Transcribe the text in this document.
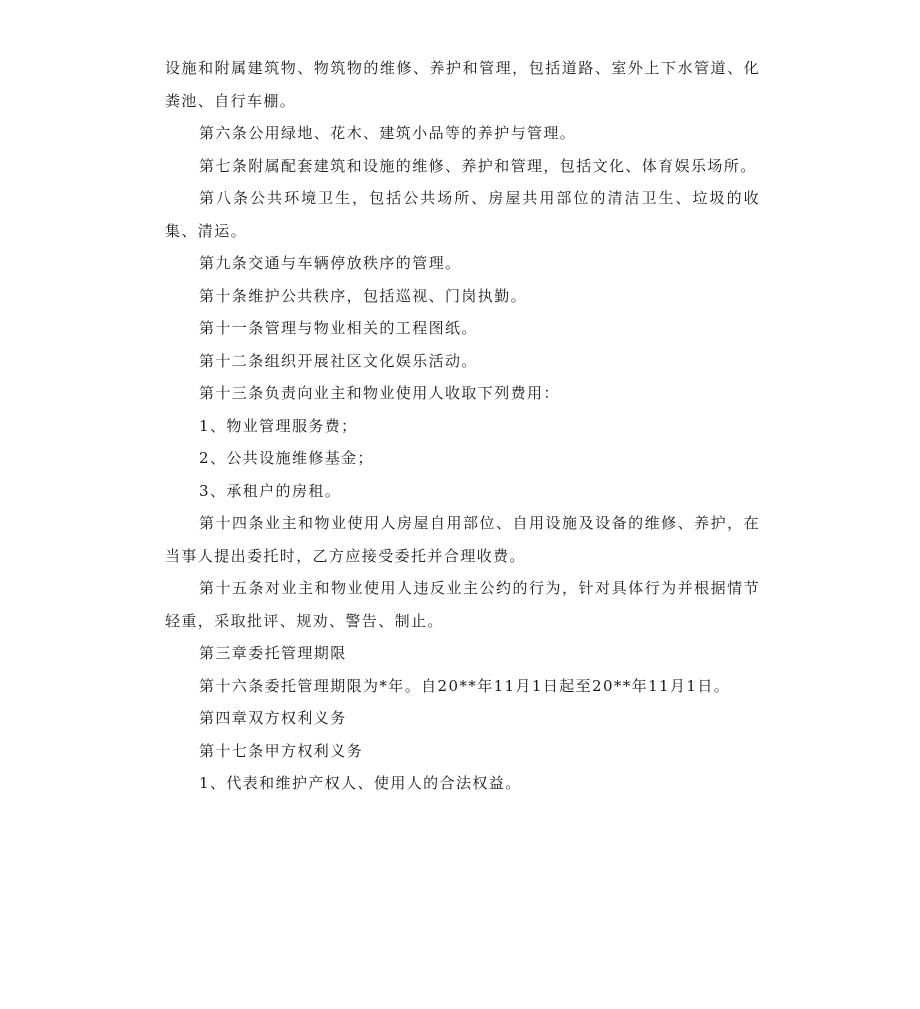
设施和附属建筑物、物筑物的维修、养护和管理，包括道路、室外上下水管道、化粪池、自行车棚。

第六条公用绿地、花木、建筑小品等的养护与管理。

第七条附属配套建筑和设施的维修、养护和管理，包括文化、体育娱乐场所。

第八条公共环境卫生，包括公共场所、房屋共用部位的清洁卫生、垃圾的收集、清运。

第九条交通与车辆停放秩序的管理。

第十条维护公共秩序，包括巡视、门岗执勤。

第十一条管理与物业相关的工程图纸。

第十二条组织开展社区文化娱乐活动。

第十三条负责向业主和物业使用人收取下列费用：

1、物业管理服务费；

2、公共设施维修基金；

3、承租户的房租。

第十四条业主和物业使用人房屋自用部位、自用设施及设备的维修、养护，在当事人提出委托时，乙方应接受委托并合理收费。

第十五条对业主和物业使用人违反业主公约的行为，针对具体行为并根据情节轻重，采取批评、规劝、警告、制止。

第三章委托管理期限

第十六条委托管理期限为*年。自20**年11月1日起至20**年11月1日。

第四章双方权利义务

第十七条甲方权利义务

1、代表和维护产权人、使用人的合法权益。
